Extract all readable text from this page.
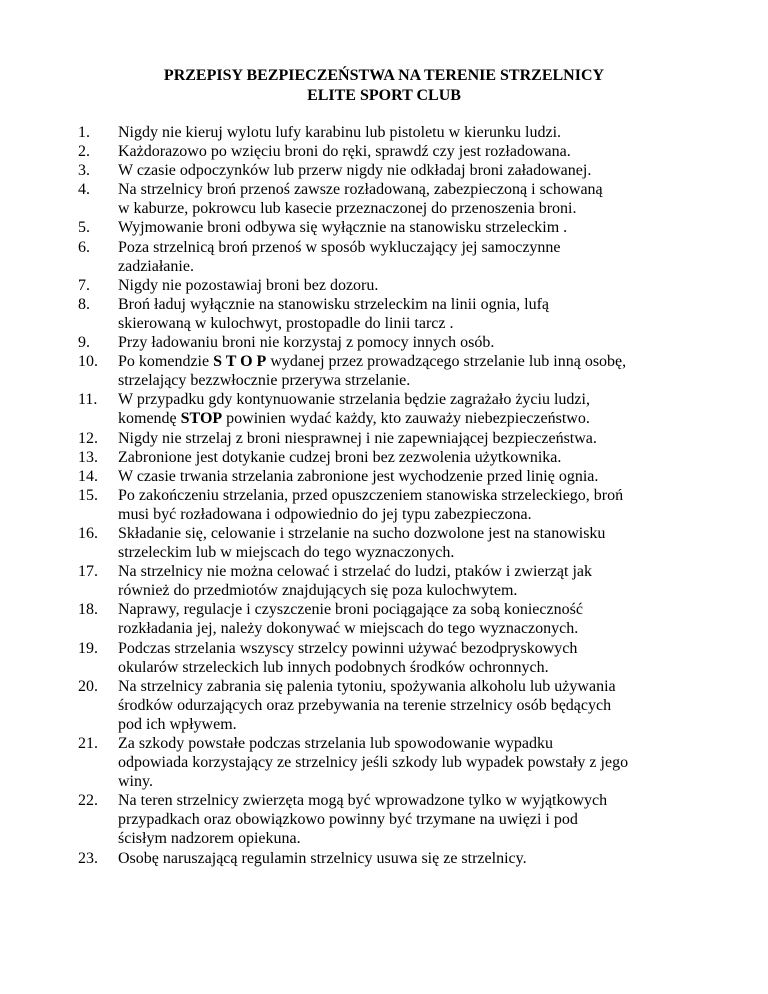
PRZEPISY BEZPIECZEŃSTWA NA TERENIE STRZELNICY
ELITE SPORT CLUB
1.	Nigdy nie kieruj wylotu lufy karabinu lub pistoletu w kierunku ludzi.
2.	Każdorazowo po wzięciu broni do ręki, sprawdź czy jest rozładowana.
3.	W czasie odpoczynków lub przerw nigdy nie odkładaj broni załadowanej.
4.	Na strzelnicy broń przenoś zawsze rozładowaną, zabezpieczoną i schowaną
w kaburze, pokrowcu lub kasecie przeznaczonej do przenoszenia broni.
5.	Wyjmowanie broni odbywa się wyłącznie na stanowisku strzeleckim .
6.	Poza strzelnicą broń przenoś w sposób wykluczający jej samoczynne
zadziałanie.
7.	Nigdy nie pozostawiaj broni bez dozoru.
8.	Broń ładuj wyłącznie na stanowisku strzeleckim na linii ognia, lufą
skierowaną w kulochwyt, prostopadle do linii tarcz .
9.	Przy ładowaniu broni nie korzystaj z pomocy innych osób.
10.	Po komendzie S T O P wydanej przez prowadzącego strzelanie lub inną osobę,
strzelający bezzwłocznie przerywa strzelanie.
11.	W przypadku gdy kontynuowanie strzelania będzie zagrażało życiu ludzi,
komendę STOP powinien wydać każdy, kto zauważy niebezpieczeństwo.
12.	Nigdy nie strzelaj z broni niesprawnej i nie zapewniającej bezpieczeństwa.
13.	Zabronione jest dotykanie cudzej broni bez zezwolenia użytkownika.
14.	W czasie trwania strzelania zabronione jest wychodzenie przed linię ognia.
15.	Po zakończeniu strzelania, przed opuszczeniem stanowiska strzeleckiego, broń
musi być rozładowana i odpowiednio do jej typu zabezpieczona.
16.	Składanie się, celowanie i strzelanie na sucho dozwolone jest na stanowisku
strzeleckim lub w miejscach do tego wyznaczonych.
17.	Na strzelnicy nie można celować i strzelać do ludzi, ptaków i zwierząt jak
również do przedmiotów znajdujących się poza kulochwytem.
18.	Naprawy, regulacje i czyszczenie broni pociągające za sobą konieczność
rozkładania jej, należy dokonywać w miejscach do tego wyznaczonych.
19.	Podczas strzelania wszyscy strzelcy powinni używać bezodpryskowych
okularów strzeleckich lub innych podobnych środków ochronnych.
20.	Na strzelnicy zabrania się palenia tytoniu, spożywania alkoholu lub używania
środków odurzających oraz przebywania na terenie strzelnicy osób będących
pod ich wpływem.
21.	Za szkody powstałe podczas strzelania lub spowodowanie wypadku
odpowiada korzystający ze strzelnicy jeśli szkody lub wypadek powstały z jego
winy.
22.	Na teren strzelnicy zwierzęta mogą być wprowadzone tylko w wyjątkowych
przypadkach oraz obowiązkowo powinny być trzymane na uwięzi i pod
ścisłym nadzorem opiekuna.
23.	Osobę naruszającą regulamin strzelnicy usuwa się ze strzelnicy.
